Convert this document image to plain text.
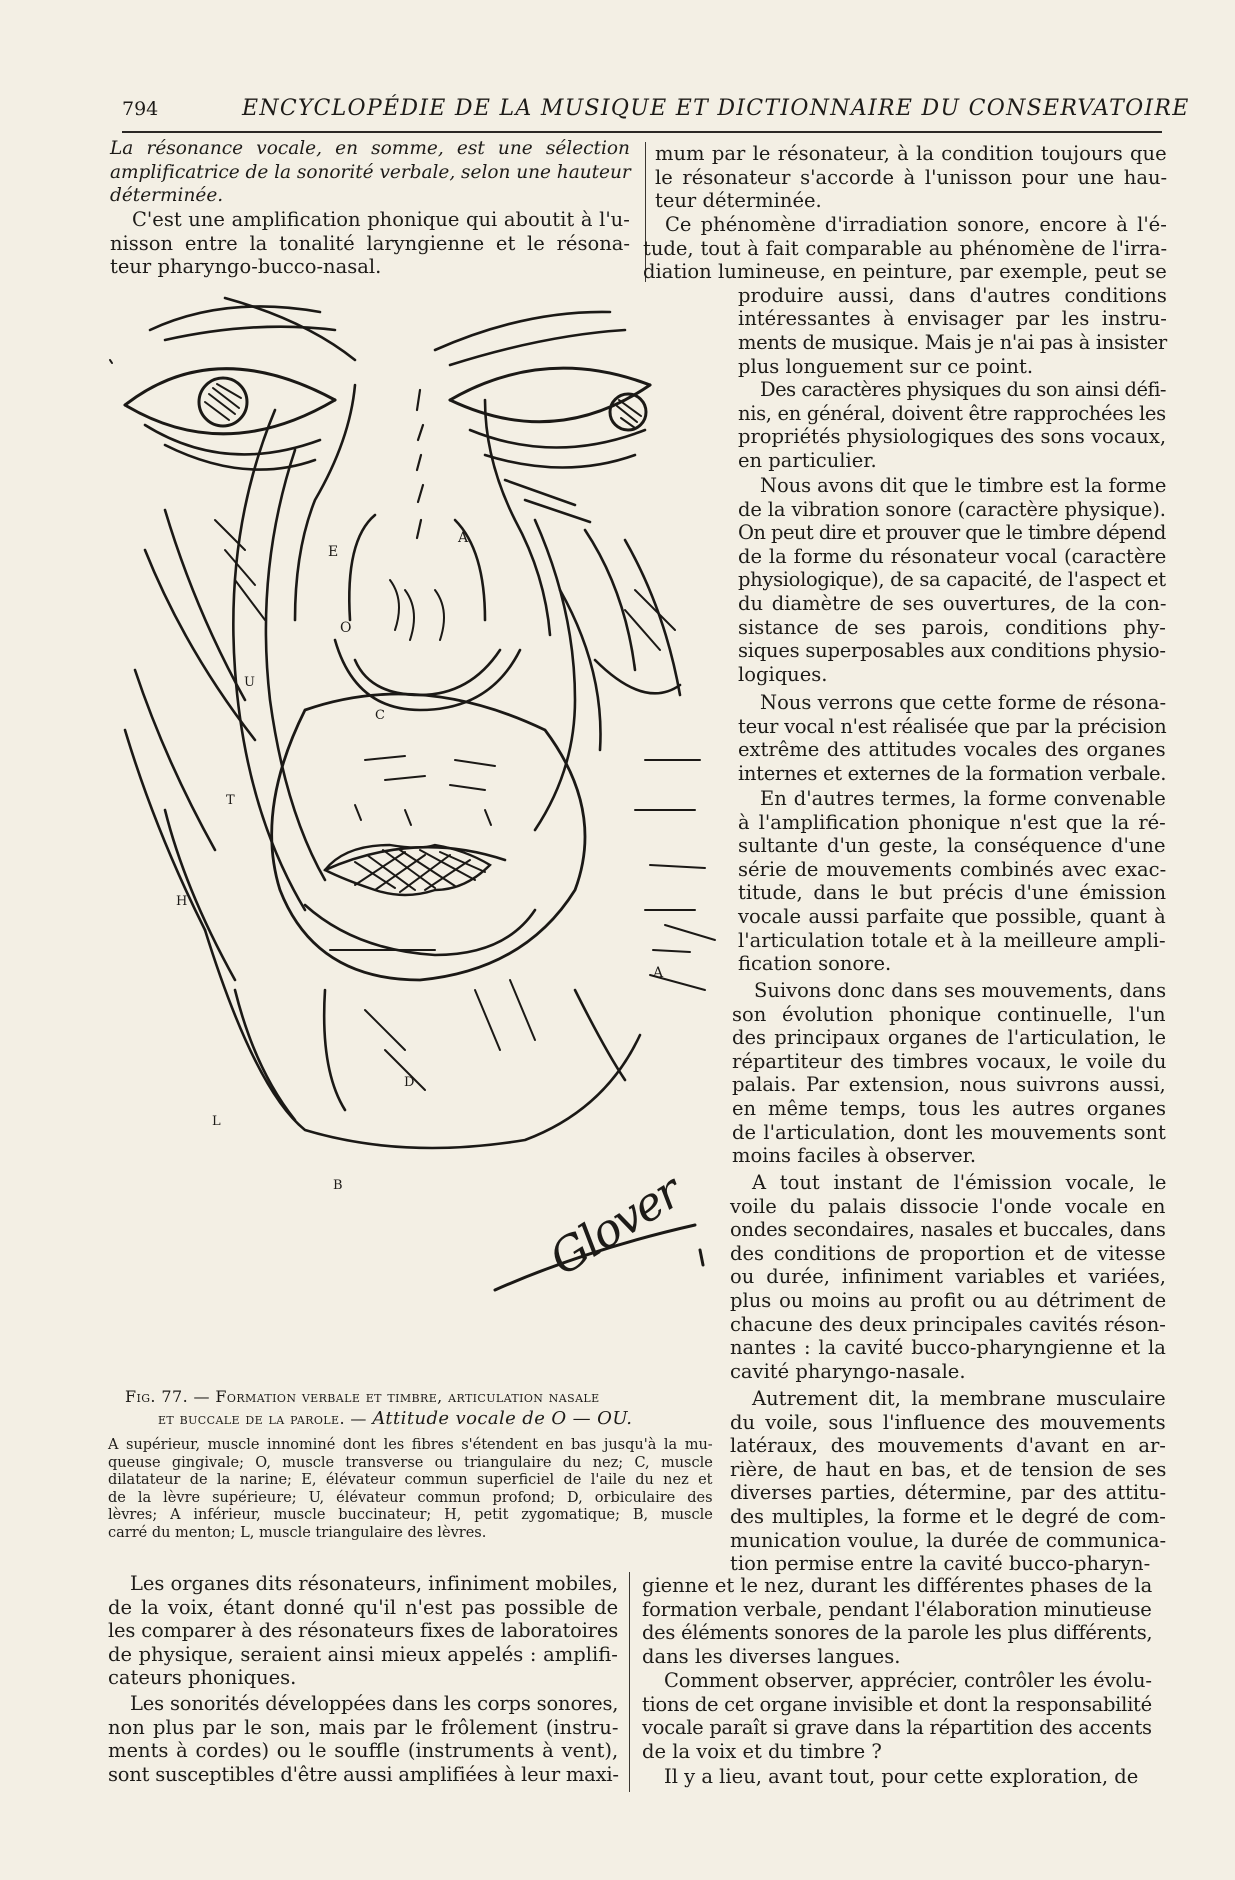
794	ENCYCLOPÉDIE DE LA MUSIQUE ET DICTIONNAIRE DU CONSERVATOIRE
La résonance vocale, en somme, est une sélection
amplificatrice de la sonorité verbale, selon une hauteur
déterminée.
C'est une amplification phonique qui aboutit à l'u-
nisson entre la tonalité laryngienne et le résona-
teur pharyngo-bucco-nasal.
E
A
O
C
U
T
H
A
D
L
B	Glover
Fig. 77. — Formation verbale et timbre, articulation nasale
et buccale de la parole. — Attitude vocale de O — OU.
A supérieur, muscle innominé dont les fibres s'étendent en bas jusqu'à la mu-
queuse gingivale; O, muscle transverse ou triangulaire du nez; C, muscle
dilatateur de la narine; E, élévateur commun superficiel de l'aile du nez et
de la lèvre supérieure; U, élévateur commun profond; D, orbiculaire des
lèvres; A inférieur, muscle buccinateur; H, petit zygomatique; B, muscle
carré du menton; L, muscle triangulaire des lèvres.
mum par le résonateur, à la condition toujours que
le résonateur s'accorde à l'unisson pour une hau-
teur déterminée.
Ce phénomène d'irradiation sonore, encore à l'é-
tude, tout à fait comparable au phénomène de l'irra-
diation lumineuse, en peinture, par exemple, peut se
produire aussi, dans d'autres conditions
intéressantes à envisager par les instru-
ments de musique. Mais je n'ai pas à insister
plus longuement sur ce point.
Des caractères physiques du son ainsi défi-
nis, en général, doivent être rapprochées les
propriétés physiologiques des sons vocaux,
en particulier.
Nous avons dit que le timbre est la forme
de la vibration sonore (caractère physique).
On peut dire et prouver que le timbre dépend
de la forme du résonateur vocal (caractère
physiologique), de sa capacité, de l'aspect et
du diamètre de ses ouvertures, de la con-
sistance de ses parois, conditions phy-
siques superposables aux conditions physio-
logiques.
Nous verrons que cette forme de résona-
teur vocal n'est réalisée que par la précision
extrême des attitudes vocales des organes
internes et externes de la formation verbale.
En d'autres termes, la forme convenable
à l'amplification phonique n'est que la ré-
sultante d'un geste, la conséquence d'une
série de mouvements combinés avec exac-
titude, dans le but précis d'une émission
vocale aussi parfaite que possible, quant à
l'articulation totale et à la meilleure ampli-
fication sonore.
Suivons donc dans ses mouvements, dans
son évolution phonique continuelle, l'un
des principaux organes de l'articulation, le
répartiteur des timbres vocaux, le voile du
palais. Par extension, nous suivrons aussi,
en même temps, tous les autres organes
de l'articulation, dont les mouvements sont
moins faciles à observer.
A tout instant de l'émission vocale, le
voile du palais dissocie l'onde vocale en
ondes secondaires, nasales et buccales, dans
des conditions de proportion et de vitesse
ou durée, infiniment variables et variées,
plus ou moins au profit ou au détriment de
chacune des deux principales cavités réson-
nantes : la cavité bucco-pharyngienne et la
cavité pharyngo-nasale.
Autrement dit, la membrane musculaire
du voile, sous l'influence des mouvements
latéraux, des mouvements d'avant en ar-
rière, de haut en bas, et de tension de ses
diverses parties, détermine, par des attitu-
des multiples, la forme et le degré de com-
munication voulue, la durée de communica-
tion permise entre la cavité bucco-pharyn-
Les organes dits résonateurs, infiniment mobiles,
de la voix, étant donné qu'il n'est pas possible de
les comparer à des résonateurs fixes de laboratoires
de physique, seraient ainsi mieux appelés : amplifi-
cateurs phoniques.
Les sonorités développées dans les corps sonores,
non plus par le son, mais par le frôlement (instru-
ments à cordes) ou le souffle (instruments à vent),
sont susceptibles d'être aussi amplifiées à leur maxi-
gienne et le nez, durant les différentes phases de la
formation verbale, pendant l'élaboration minutieuse
des éléments sonores de la parole les plus différents,
dans les diverses langues.
Comment observer, apprécier, contrôler les évolu-
tions de cet organe invisible et dont la responsabilité
vocale paraît si grave dans la répartition des accents
de la voix et du timbre ?
Il y a lieu, avant tout, pour cette exploration, de
